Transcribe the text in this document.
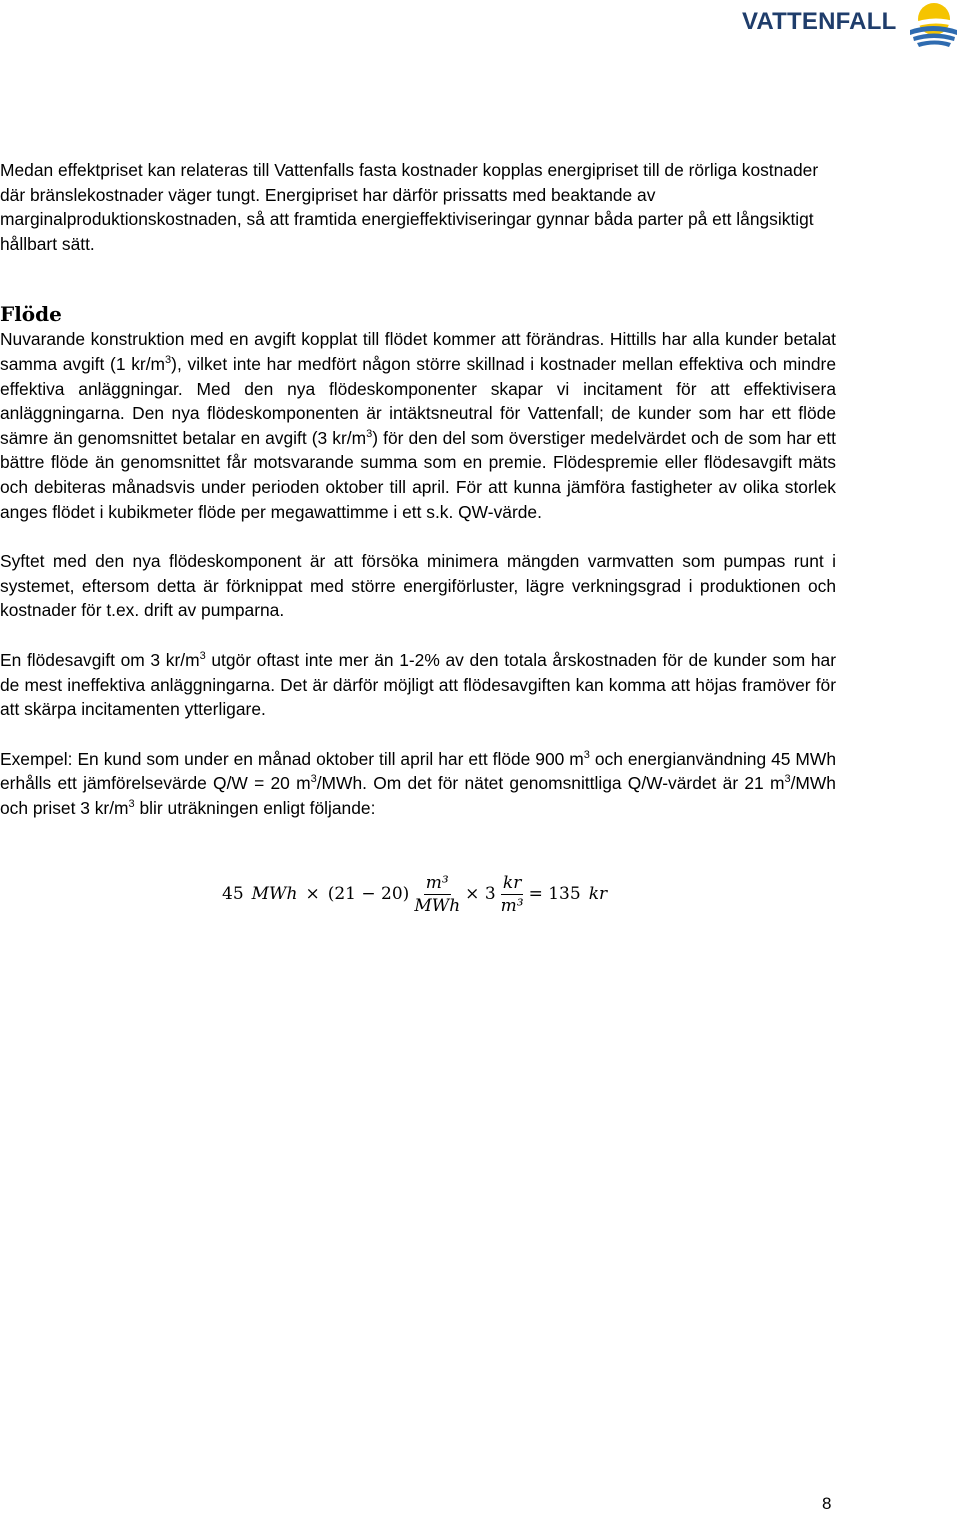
VATTENFALL

Medan effektpriset kan relateras till Vattenfalls fasta kostnader kopplas energipriset till de rörliga kostnader där bränslekostnader väger tungt. Energipriset har därför prissatts med beaktande av marginalproduktionskostnaden, så att framtida energieffektiviseringar gynnar båda parter på ett långsiktigt hållbart sätt.

Flöde

Nuvarande konstruktion med en avgift kopplat till flödet kommer att förändras. Hittills har alla kunder betalat samma avgift (1 $kr/m^3$), vilket inte har medfört någon större skillnad i kostnader mellan effektiva och mindre effektiva anläggningar. Med den nya flödeskomponenter skapar vi incitament för att effektivisera anläggningarna. Den nya flödeskomponenten är intäktsneutral för Vattenfall; de kunder som har ett flöde sämre än genomsnittet betalar en avgift (3 $kr/m^3$) för den del som överstiger medelvärdet och de som har ett bättre flöde än genomsnittet får motsvarande summa som en premie. Flödespremie eller flödesavgift mäts och debiteras månadsvis under perioden oktober till april. För att kunna jämföra fastigheter av olika storlek anges flödet i kubikmeter flöde per megawattimme i ett s.k. QW-värde.

Syftet med den nya flödeskomponent är att försöka minimera mängden varmvatten som pumpas runt i systemet, eftersom detta är förknippat med större energiförluster, lägre verkningsgrad i produktionen och kostnader för t.ex. drift av pumparna.

En flödesavgift om 3 $kr/m^3$ utgör oftast inte mer än 1-2% av den totala årskostnaden för de kunder som har de mest ineffektiva anläggningarna. Det är därför möjligt att flödesavgiften kan komma att höjas framöver för att skärpa incitamenten ytterligare.

Exempel: En kund som under en månad oktober till april har ett flöde 900 $m^3$ och energianvändning 45 MWh erhålls ett jämförelsevärde Q/W = 20 $m^3$/MWh. Om det för nätet genomsnittliga Q/W-värdet är 21 $m^3$/MWh och priset 3 $kr/m^3$ blir uträkningen enligt följande:

45 MWh × $(21 - 20) \frac{\text{m³}}{\text{MWh}} \times 3 \frac{kr}{\text{m³}} = 135$ kr
8
